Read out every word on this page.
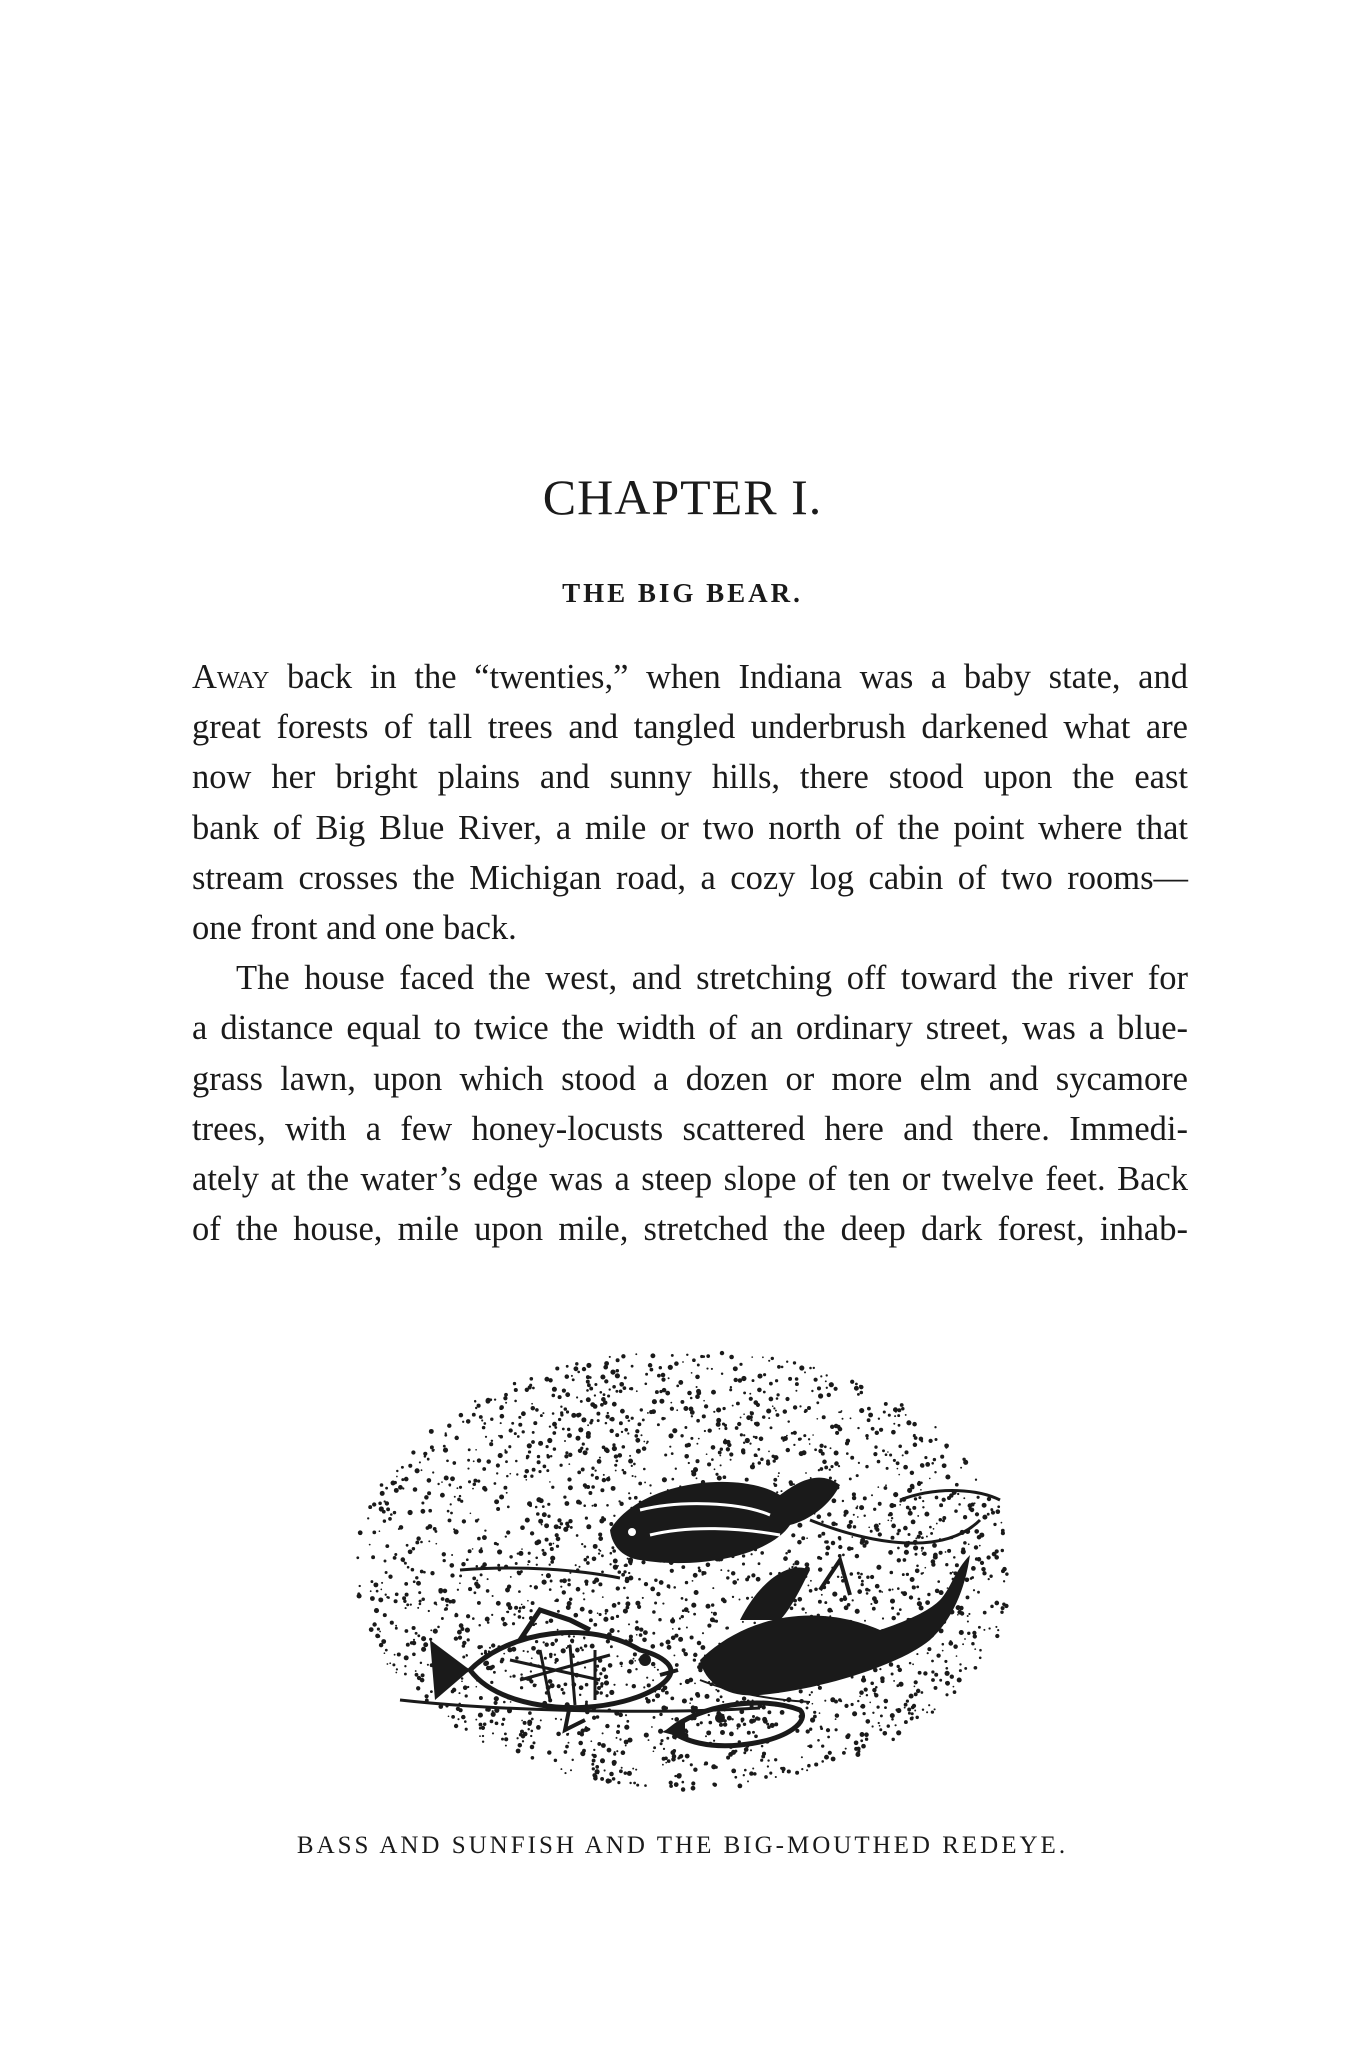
CHAPTER I.
THE BIG BEAR.
Away back in the “twenties,” when Indiana was a baby state, and
great forests of tall trees and tangled underbrush darkened what are
now her bright plains and sunny hills, there stood upon the east
bank of Big Blue River, a mile or two north of the point where that
stream crosses the Michigan road, a cozy log cabin of two rooms—
one front and one back.
The house faced the west, and stretching off toward the river for
a distance equal to twice the width of an ordinary street, was a blue-
grass lawn, upon which stood a dozen or more elm and sycamore
trees, with a few honey-locusts scattered here and there. Immedi-
ately at the water’s edge was a steep slope of ten or twelve feet. Back
of the house, mile upon mile, stretched the deep dark forest, inhab-

BASS AND SUNFISH AND THE BIG-MOUTHED REDEYE.
